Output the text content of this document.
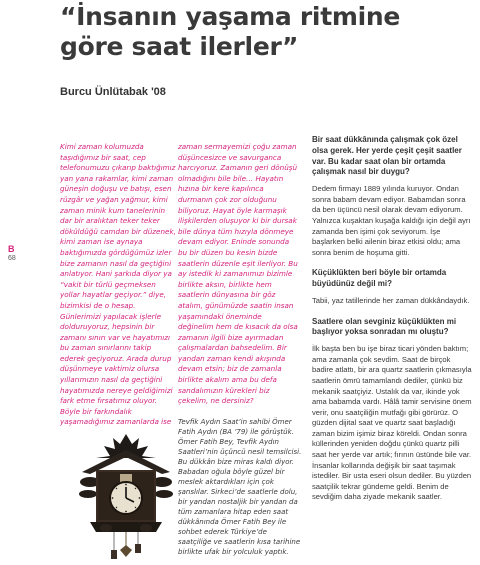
“İnsanın yaşama ritmine göre saat ilerler”

Burcu Ünlütabak '08

B
68

Kimi zaman kolumuzda taşıdığımız bir saat, cep telefonumuzu çıkarıp baktığımız yan yana rakamlar, kimi zaman güneşin doğuşu ve batışı, esen rüzgâr ve yağan yağmur, kimi zaman minik kum tanelerinin dar bir aralıktan teker teker döküldüğü camdan bir düzenek, kimi zaman ise aynaya baktığımızda gördüğümüz izler bize zamanın nasıl da geçtiğini anlatıyor. Hani şarkıda diyor ya “vakit bir türlü geçmeksen yollar hayatlar geçiyor.” diye, bizimkisi de o hesap. Günlerimizi yapılacak işlerle dolduruyoruz, hepsinin bir zamanı sınırı var ve hayatımızı bu zaman sınırlarını takip ederek geçiyoruz. Arada durup düşünmeye vaktimiz olursa yıllarımızın nasıl da geçtiğini hayatımızda nereye geldiğimizi fark etme fırsatımız oluyor. Böyle bir farkındalık yaşamadığımız zamanlarda ise

zaman sermayemizi çoğu zaman düşüncesizce ve savurganca harcıyoruz. Zamanın geri dönüşü olmadığını bile bile… Hayatın hızına bir kere kapılınca durmanın çok zor olduğunu biliyoruz. Hayat öyle karmaşık ilişkilerden oluşuyor ki bir dursak bile dünya tüm hızıyla dönmeye devam ediyor. Eninde sonunda bu bir düzen bu kesin bizde saatlerin düzenle eşit ilerliyor. Bu ay istedik ki zamanımızı bizimle birlikte aksın, birlikte hem saatlerin dünyasına bir göz atalım, günümüzde saatin insan yaşamındaki öneminde değinelim hem de kısacık da olsa zamanın ilgili bize ayırmadan çalışmalardan bahsedelim. Bir yandan zaman kendi akışında devam etsin; biz de zamanla birlikte akalım ama bu defa sandalımızın kürekleri biz çekelim, ne dersiniz?

Tevfik Aydın Saat’in sahibi Ömer Fatih Aydın (BA ’79) ile görüştük. Ömer Fatih Bey, Tevfik Aydın Saatleri’nin üçüncü nesil temsilcisi. Bu dükkân bize miras kaldı diyor. Babadan oğula böyle güzel bir meslek aktardıkları için çok şanslılar. Sirkeci’de saatlerle dolu, bir yandan nostaljik bir yandan da tüm zamanlara hitap eden saat dükkânında Ömer Fatih Bey ile sohbet ederek Türkiye’de saatçiliğe ve saatlerin kısa tarihine birlikte ufak bir yolculuk yaptık.

Bir saat dükkânında çalışmak çok özel olsa gerek. Her yerde çeşit çeşit saatler var. Bu kadar saat olan bir ortamda çalışmak nasıl bir duygu?

Dedem firmayı 1889 yılında kuruyor. Ondan sonra babam devam ediyor. Babamdan sonra da ben üçüncü nesil olarak devam ediyorum. Yalnızca kuşaktan kuşağa kaldığı için değil ayrı zamanda ben işimi çok seviyorum. İşe başlarken belki ailenin biraz etkisi oldu; ama sonra benim de hoşuma gitti.

Küçüklükten beri böyle bir ortamda büyüdünüz değil mi?

Tabii, yaz tatillerinde her zaman dükkândaydık.

Saatlere olan sevginiz küçüklükten mi başlıyor yoksa sonradan mı oluştu?

İlk başta ben bu işe biraz ticari yönden baktım; ama zamanla çok sevdim. Saat de birçok badire atlattı, bir ara quartz saatlerin çıkmasıyla saatlerin ömrü tamamlandı dediler, çünkü biz mekanik saatçiyiz. Ustalık da var, ikinde yok ama babamda vardı. Hâlâ tamir servisine önem verir, onu saatçiliğin mutfağı gibi görürüz. O güzden dijital saat ve quartz saat başladığı zaman bizim işimiz biraz köreldi. Ondan sonra küllerinden yeniden doğdu çünkü quartz pilli saat her yerde var artık; fırının üstünde bile var. İnsanlar kollarında değişik bir saat taşımak istediler. Bir usta eseri olsun dediler. Bu yüzden saatçilik tekrar gündeme geldi. Benim de sevdiğim daha ziyade mekanik saatler.
